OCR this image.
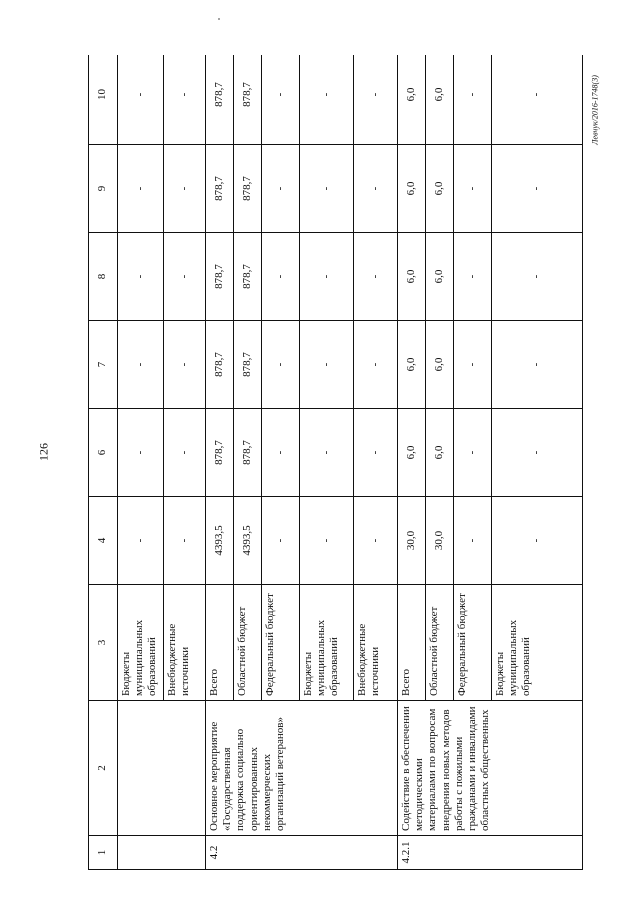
126
Левчук/2016-1748(3)
1	2	3	4	6	7	8	9	10
		Бюджеты муниципальных образований	-	-	-	-	-	-
		Внебюджетные источники	-	-	-	-	-	-
4.2	Основное мероприятие «Государственная поддержка социально ориентированных некоммерческих организаций ветеранов»	Всего	4393,5	878,7	878,7	878,7	878,7	878,7
		Областной бюджет	4393,5	878,7	878,7	878,7	878,7	878,7
		Федеральный бюджет	-	-	-	-	-	-
		Бюджеты муниципальных образований	-	-	-	-	-	-
		Внебюджетные источники	-	-	-	-	-	-
4.2.1	Содействие в обеспечении методическими материалами по вопросам внедрения новых методов работы с пожилыми гражданами и инвалидами областных общественных	Всего	30,0	6,0	6,0	6,0	6,0	6,0
		Областной бюджет	30,0	6,0	6,0	6,0	6,0	6,0
		Федеральный бюджет	-	-	-	-	-	-
		Бюджеты муниципальных образований	-	-	-	-	-	-
